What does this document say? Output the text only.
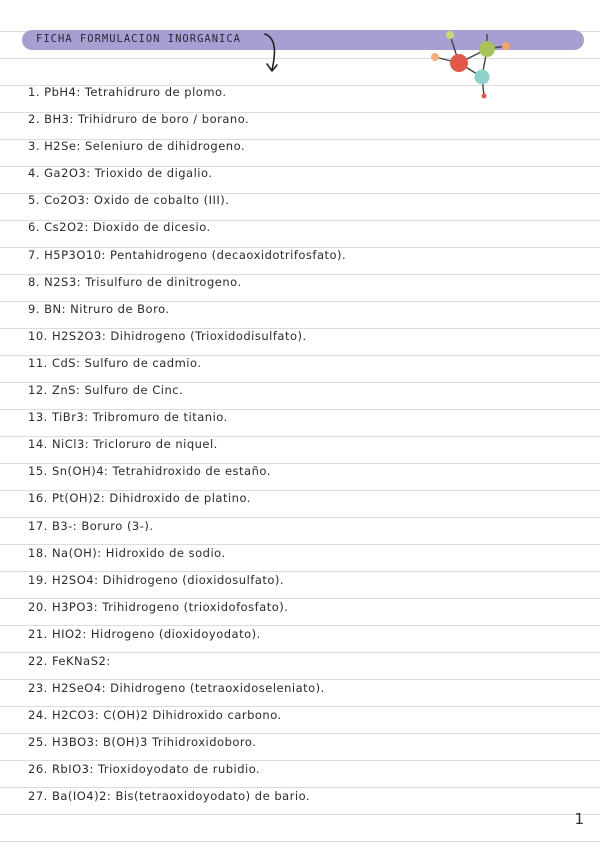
FICHA FORMULACION INORGANICA
1. PbH4: Tetrahidruro de plomo.
2. BH3: Trihidruro de boro / borano.
3. H2Se: Seleniuro de dihidrogeno.
4. Ga2O3: Trioxido de digalio.
5. Co2O3: Oxido de cobalto (III).
6. Cs2O2: Dioxido de dicesio.
7. H5P3O10: Pentahidrogeno (decaoxidotrifosfato).
8. N2S3: Trisulfuro de dinitrogeno.
9. BN: Nitruro de Boro.
10. H2S2O3: Dihidrogeno (Trioxidodisulfato).
11. CdS: Sulfuro de cadmio.
12. ZnS: Sulfuro de Cinc.
13. TiBr3: Tribromuro de titanio.
14. NiCl3: Tricloruro de niquel.
15. Sn(OH)4: Tetrahidroxido de estaño.
16. Pt(OH)2: Dihidroxido de platino.
17. B3-: Boruro (3-).
18. Na(OH): Hidroxido de sodio.
19. H2SO4: Dihidrogeno (dioxidosulfato).
20. H3PO3: Trihidrogeno (trioxidofosfato).
21. HIO2: Hidrogeno (dioxidoyodato).
22. FeKNaS2:
23. H2SeO4: Dihidrogeno (tetraoxidoseleniato).
24. H2CO3: C(OH)2 Dihidroxido carbono.
25. H3BO3: B(OH)3 Trihidroxidoboro.
26. RbIO3: Trioxidoyodato de rubidio.
27. Ba(IO4)2: Bis(tetraoxidoyodato) de bario.
1
